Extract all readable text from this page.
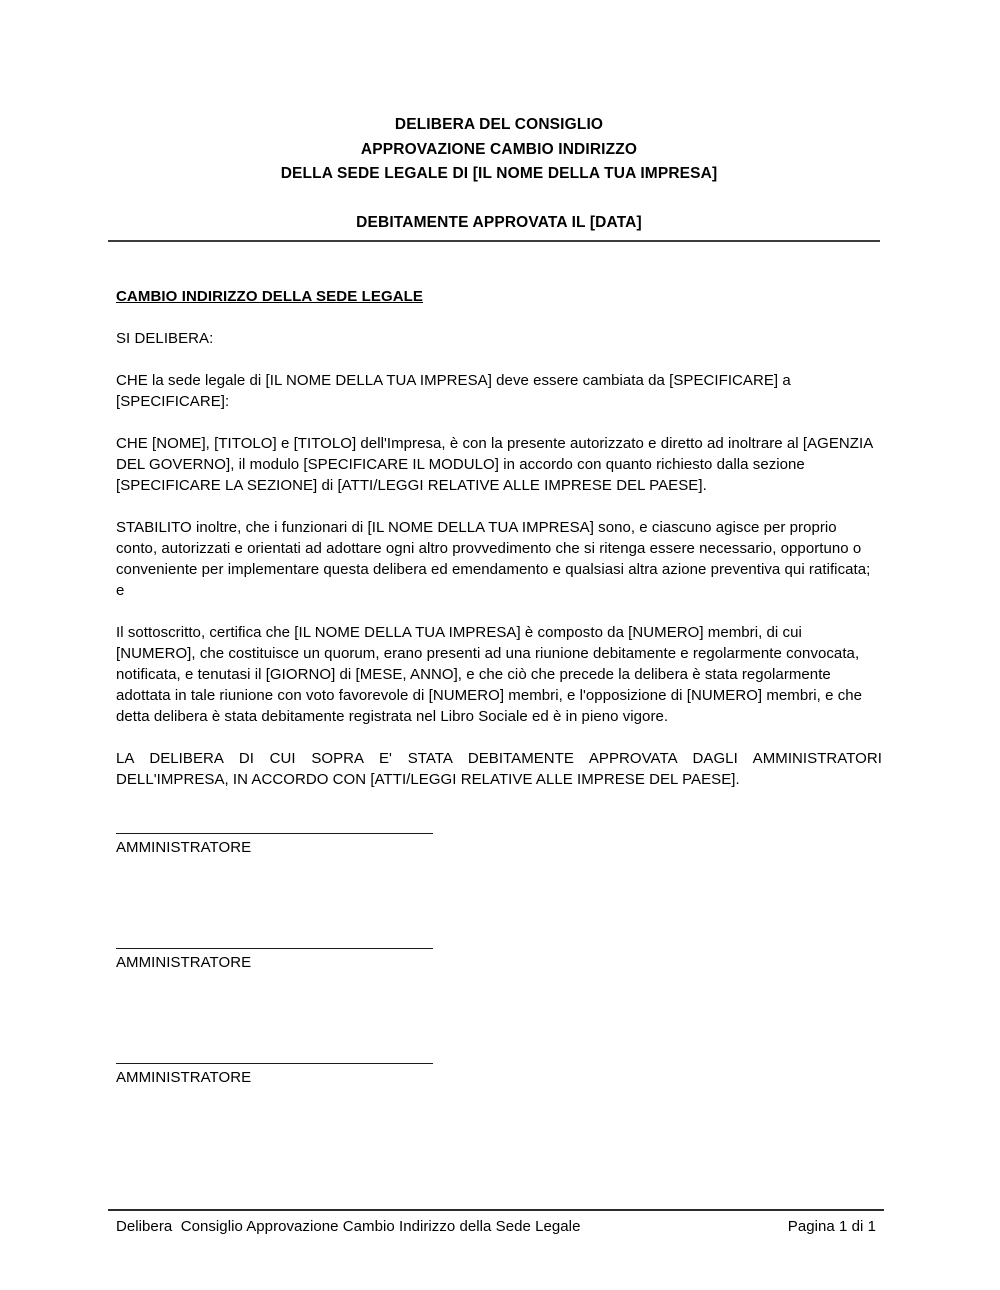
DELIBERA DEL CONSIGLIO
APPROVAZIONE CAMBIO INDIRIZZO
DELLA SEDE LEGALE DI [IL NOME DELLA TUA IMPRESA]
DEBITAMENTE APPROVATA IL [DATA]
CAMBIO INDIRIZZO DELLA SEDE LEGALE

SI DELIBERA:

CHE la sede legale di [IL NOME DELLA TUA IMPRESA] deve essere cambiata da [SPECIFICARE] a [SPECIFICARE]:

CHE [NOME], [TITOLO] e [TITOLO] dell'Impresa, è con la presente autorizzato e diretto ad inoltrare al [AGENZIA DEL GOVERNO], il modulo [SPECIFICARE IL MODULO] in accordo con quanto richiesto dalla sezione [SPECIFICARE LA SEZIONE] di [ATTI/LEGGI RELATIVE ALLE IMPRESE DEL PAESE].

STABILITO inoltre, che i funzionari di [IL NOME DELLA TUA IMPRESA] sono, e ciascuno agisce per proprio conto, autorizzati e orientati ad adottare ogni altro provvedimento che si ritenga essere necessario, opportuno o conveniente per implementare questa delibera ed emendamento e qualsiasi altra azione preventiva qui ratificata; e

Il sottoscritto, certifica che [IL NOME DELLA TUA IMPRESA] è composto da [NUMERO] membri, di cui [NUMERO], che costituisce un quorum, erano presenti ad una riunione debitamente e regolarmente convocata, notificata, e tenutasi il [GIORNO] di [MESE, ANNO], e che ciò che precede la delibera è stata regolarmente adottata in tale riunione con voto favorevole di [NUMERO] membri, e l'opposizione di [NUMERO] membri, e che detta delibera è stata debitamente registrata nel Libro Sociale ed è in pieno vigore.

LA DELIBERA DI CUI SOPRA E' STATA DEBITAMENTE APPROVATA DAGLI AMMINISTRATORI DELL'IMPRESA, IN ACCORDO CON [ATTI/LEGGI RELATIVE ALLE IMPRESE DEL PAESE].

AMMINISTRATORE
AMMINISTRATORE
AMMINISTRATORE
Delibera  Consiglio Approvazione Cambio Indirizzo della Sede Legale	Pagina 1 di 1
